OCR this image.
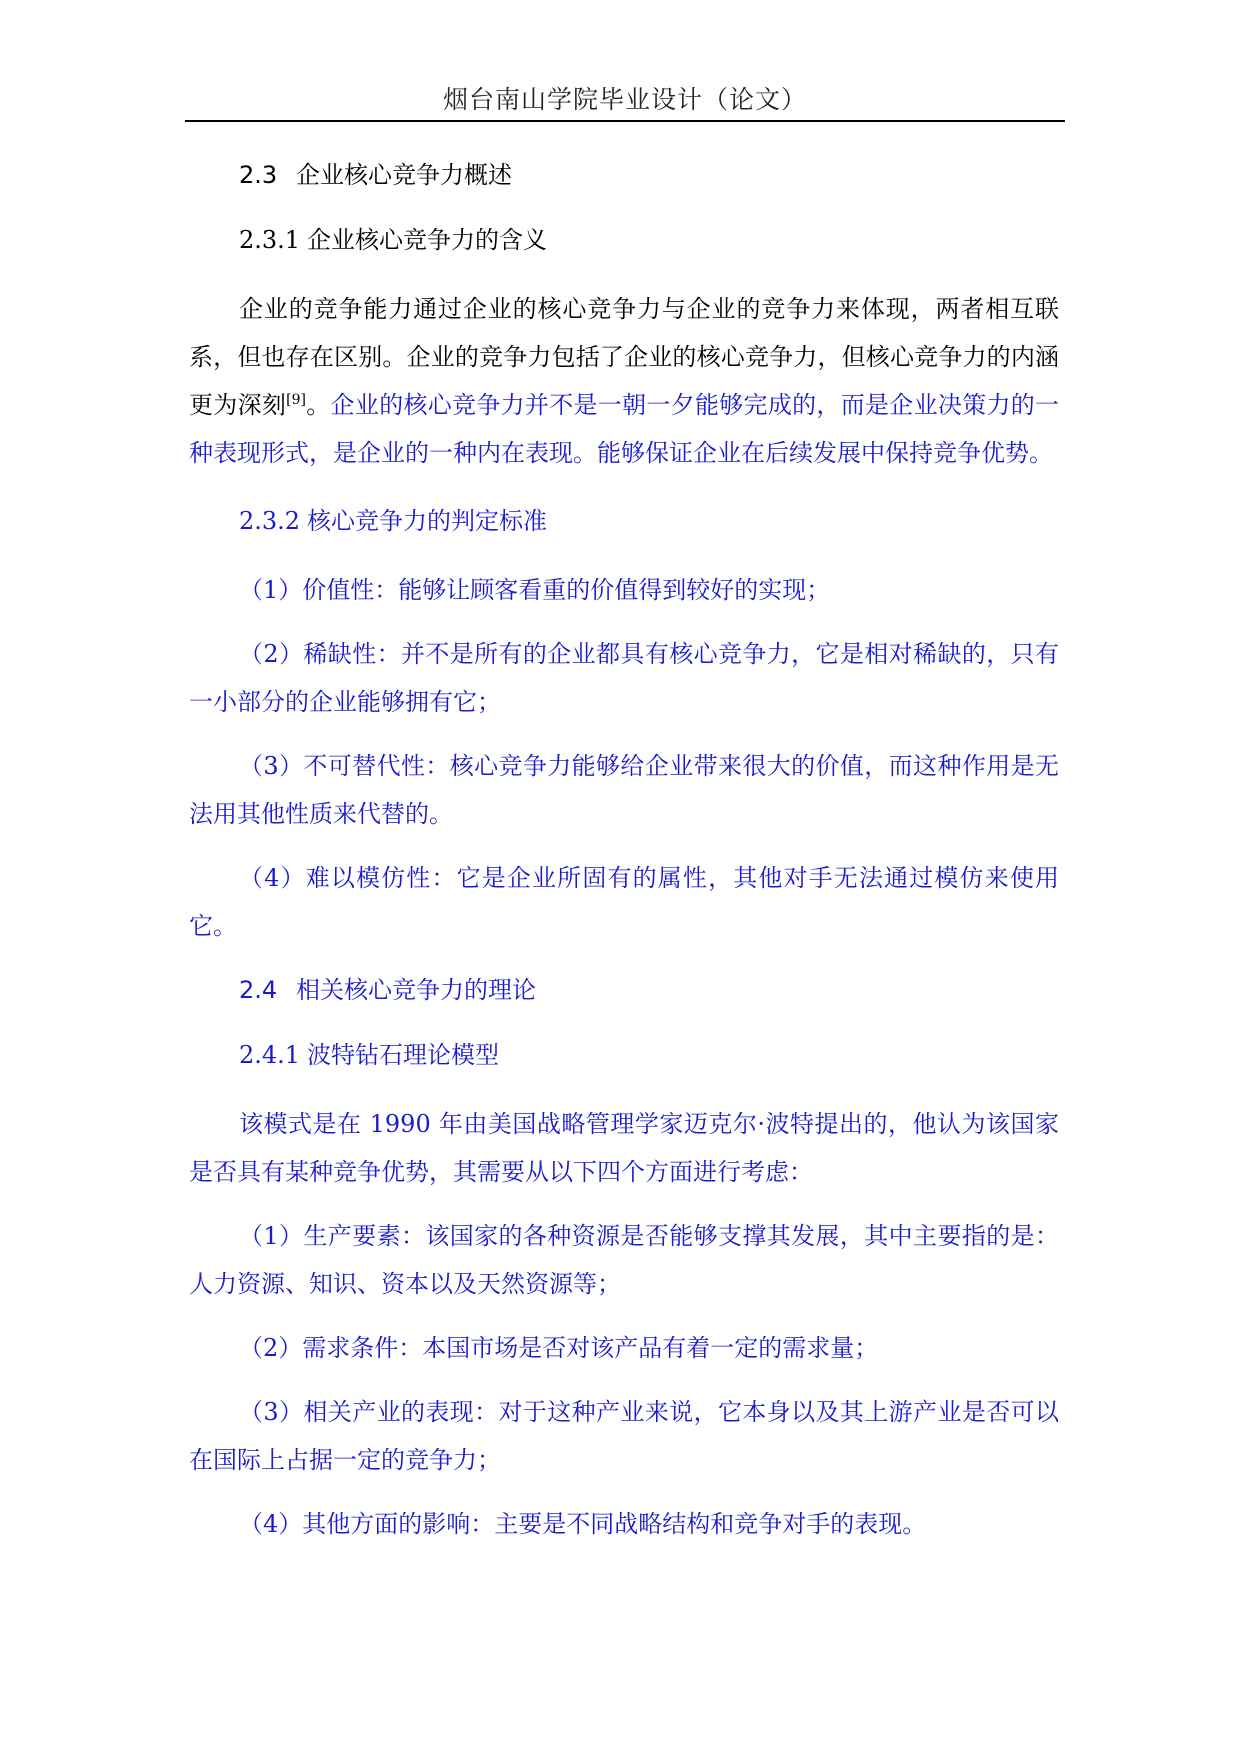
烟台南山学院毕业设计（论文）
2.3 企业核心竞争力概述
2.3.1 企业核心竞争力的含义

企业的竞争能力通过企业的核心竞争力与企业的竞争力来体现，两者相互联系，但也存在区别。企业的竞争力包括了企业的核心竞争力，但核心竞争力的内涵更为深刻[9]。企业的核心竞争力并不是一朝一夕能够完成的，而是企业决策力的一种表现形式，是企业的一种内在表现。能够保证企业在后续发展中保持竞争优势。

2.3.2 核心竞争力的判定标准

（1）价值性：能够让顾客看重的价值得到较好的实现；

（2）稀缺性：并不是所有的企业都具有核心竞争力，它是相对稀缺的，只有一小部分的企业能够拥有它；

（3）不可替代性：核心竞争力能够给企业带来很大的价值，而这种作用是无法用其他性质来代替的。

（4）难以模仿性：它是企业所固有的属性，其他对手无法通过模仿来使用它。

2.4 相关核心竞争力的理论
2.4.1 波特钻石理论模型

该模式是在 1990 年由美国战略管理学家迈克尔·波特提出的，他认为该国家是否具有某种竞争优势，其需要从以下四个方面进行考虑：

（1）生产要素：该国家的各种资源是否能够支撑其发展，其中主要指的是：人力资源、知识、资本以及天然资源等；

（2）需求条件：本国市场是否对该产品有着一定的需求量；

（3）相关产业的表现：对于这种产业来说，它本身以及其上游产业是否可以在国际上占据一定的竞争力；

（4）其他方面的影响：主要是不同战略结构和竞争对手的表现。
